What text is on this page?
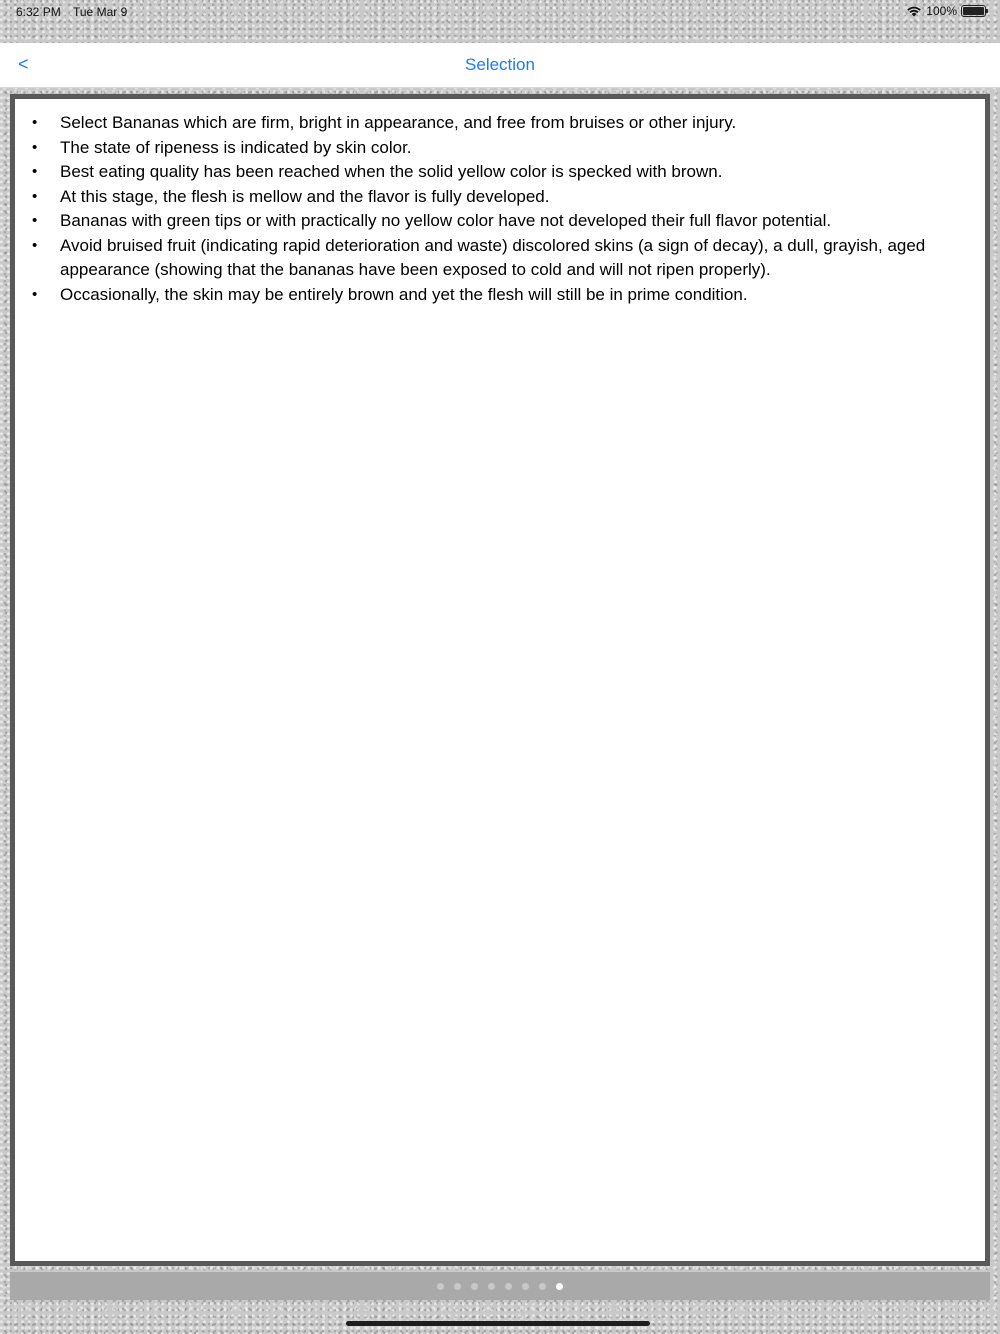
6:32 PM Tue Mar 9	100%
<	Selection
• Select Bananas which are firm, bright in appearance, and free from bruises or other injury.
• The state of ripeness is indicated by skin color.
• Best eating quality has been reached when the solid yellow color is specked with brown.
• At this stage, the flesh is mellow and the flavor is fully developed.
• Bananas with green tips or with practically no yellow color have not developed their full flavor potential.
• Avoid bruised fruit (indicating rapid deterioration and waste) discolored skins (a sign of decay), a dull, grayish, aged appearance (showing that the bananas have been exposed to cold and will not ripen properly).
• Occasionally, the skin may be entirely brown and yet the flesh will still be in prime condition.
